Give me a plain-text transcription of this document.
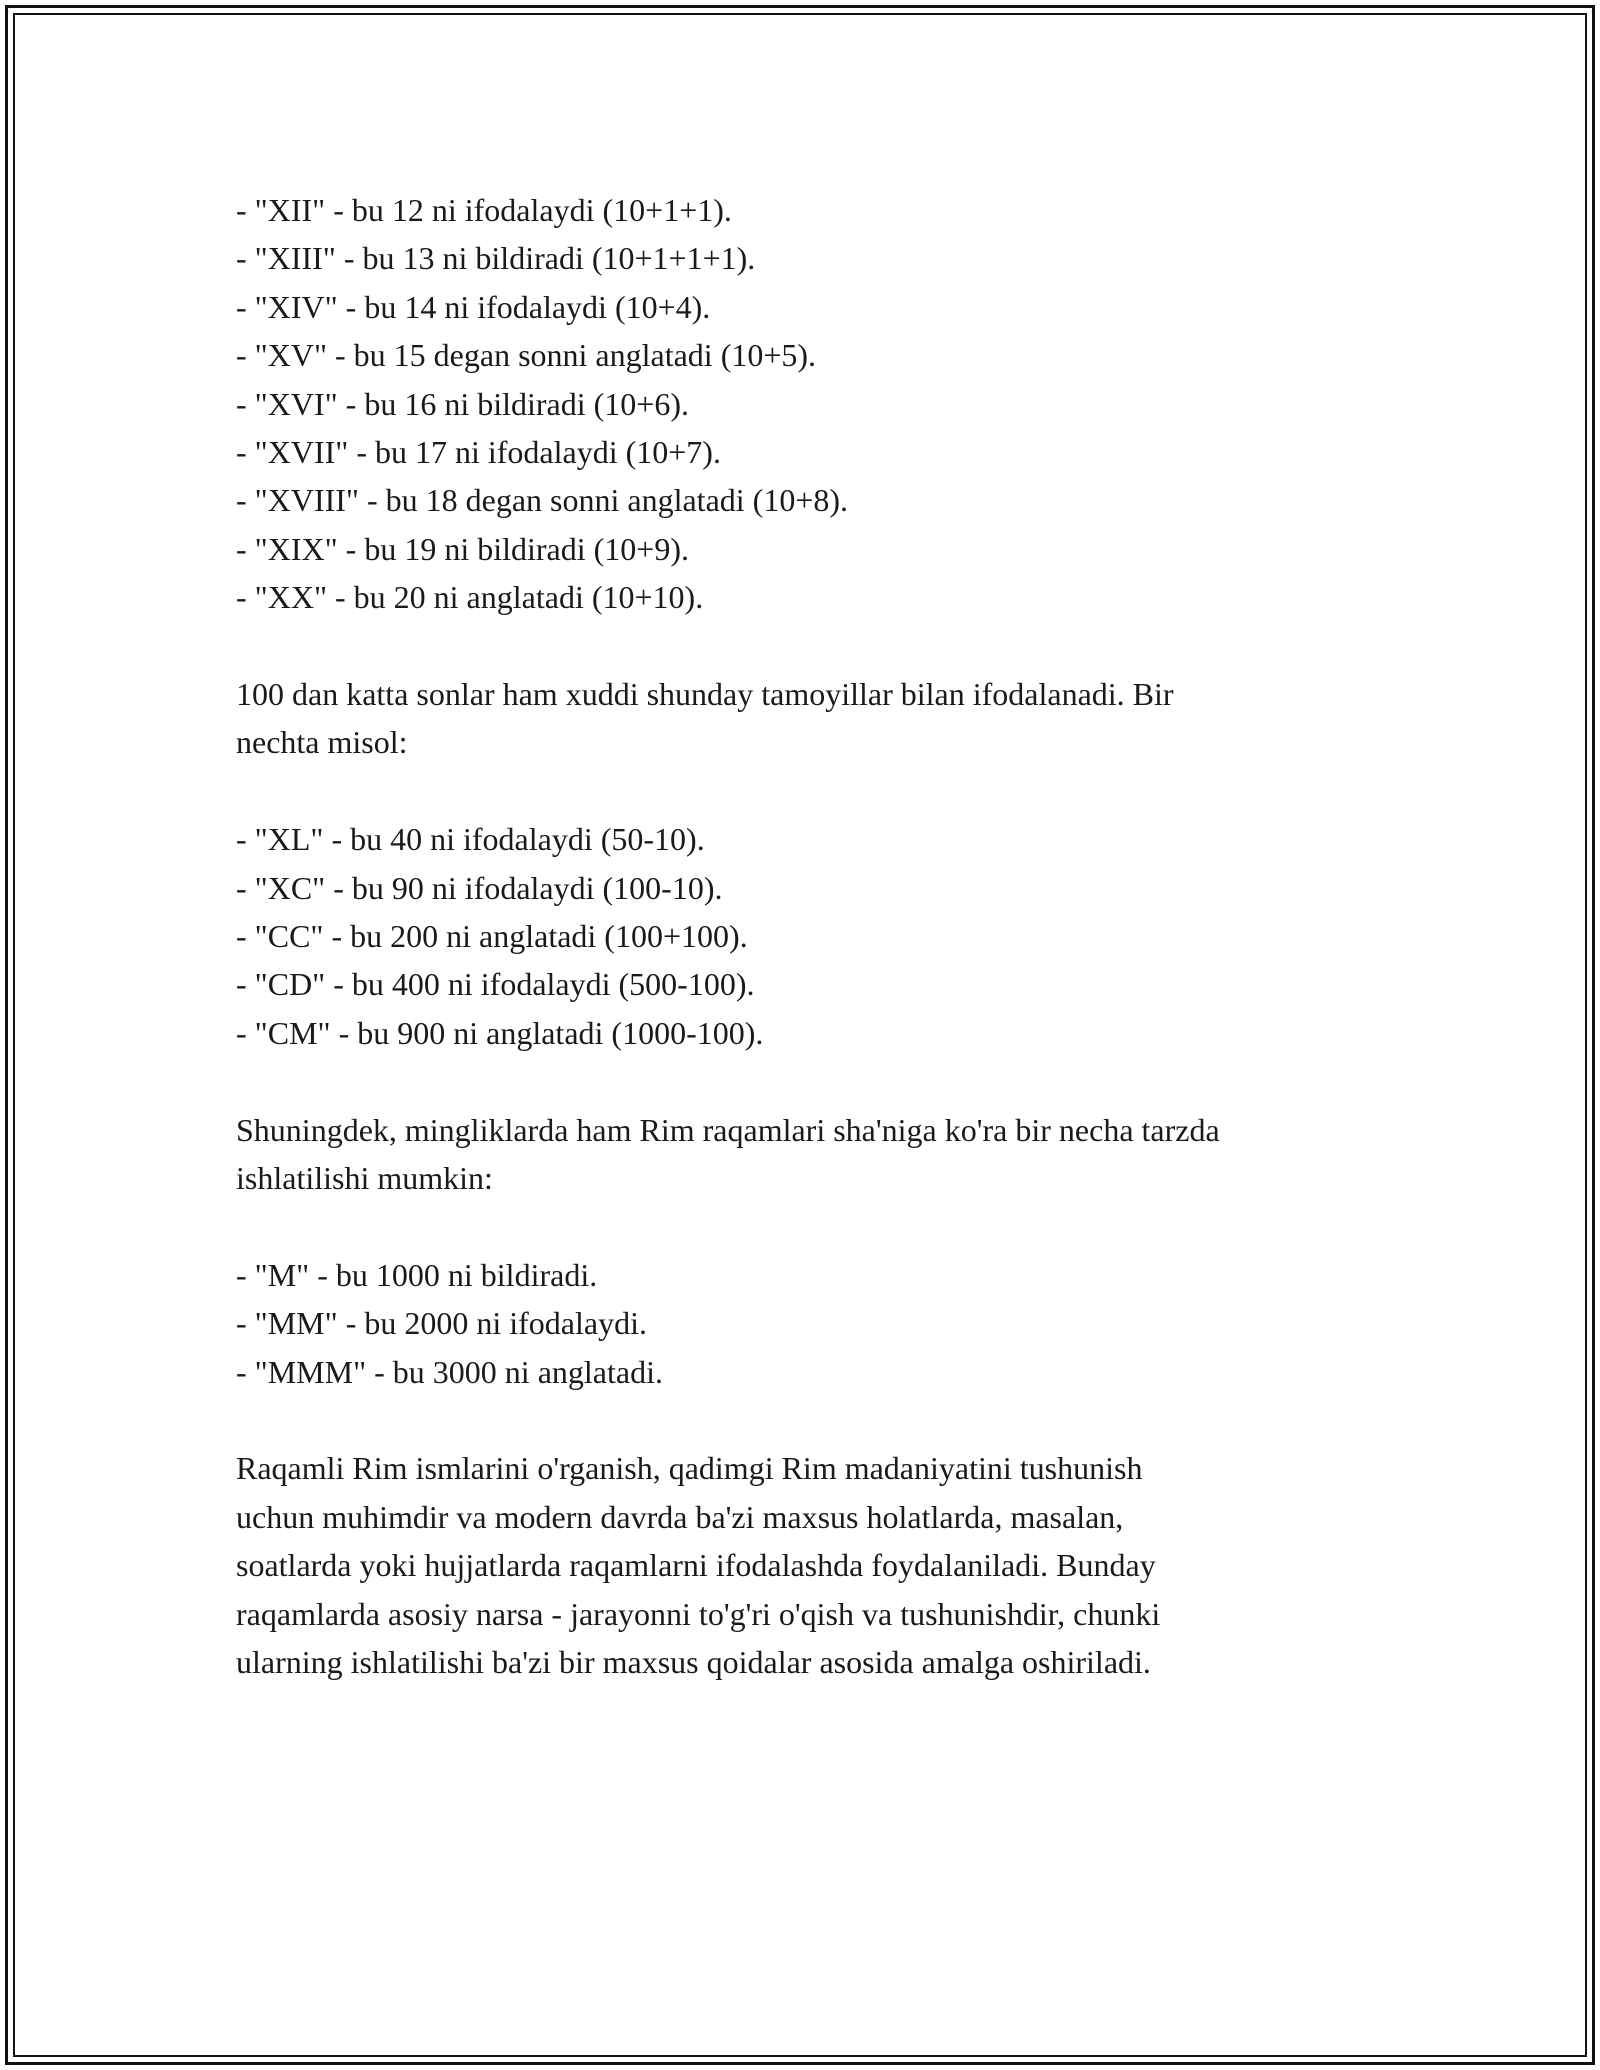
- "XII" - bu 12 ni ifodalaydi (10+1+1).
- "XIII" - bu 13 ni bildiradi (10+1+1+1).
- "XIV" - bu 14 ni ifodalaydi (10+4).
- "XV" - bu 15 degan sonni anglatadi (10+5).
- "XVI" - bu 16 ni bildiradi (10+6).
- "XVII" - bu 17 ni ifodalaydi (10+7).
- "XVIII" - bu 18 degan sonni anglatadi (10+8).
- "XIX" - bu 19 ni bildiradi (10+9).
- "XX" - bu 20 ni anglatadi (10+10).

100 dan katta sonlar ham xuddi shunday tamoyillar bilan ifodalanadi. Bir
nechta misol:

- "XL" - bu 40 ni ifodalaydi (50-10).
- "XC" - bu 90 ni ifodalaydi (100-10).
- "CC" - bu 200 ni anglatadi (100+100).
- "CD" - bu 400 ni ifodalaydi (500-100).
- "CM" - bu 900 ni anglatadi (1000-100).

Shuningdek, mingliklarda ham Rim raqamlari sha'niga ko'ra bir necha tarzda
ishlatilishi mumkin:

- "M" - bu 1000 ni bildiradi.
- "MM" - bu 2000 ni ifodalaydi.
- "MMM" - bu 3000 ni anglatadi.

Raqamli Rim ismlarini o'rganish, qadimgi Rim madaniyatini tushunish
uchun muhimdir va modern davrda ba'zi maxsus holatlarda, masalan,
soatlarda yoki hujjatlarda raqamlarni ifodalashda foydalaniladi. Bunday
raqamlarda asosiy narsa - jarayonni to'g'ri o'qish va tushunishdir, chunki
ularning ishlatilishi ba'zi bir maxsus qoidalar asosida amalga oshiriladi.
